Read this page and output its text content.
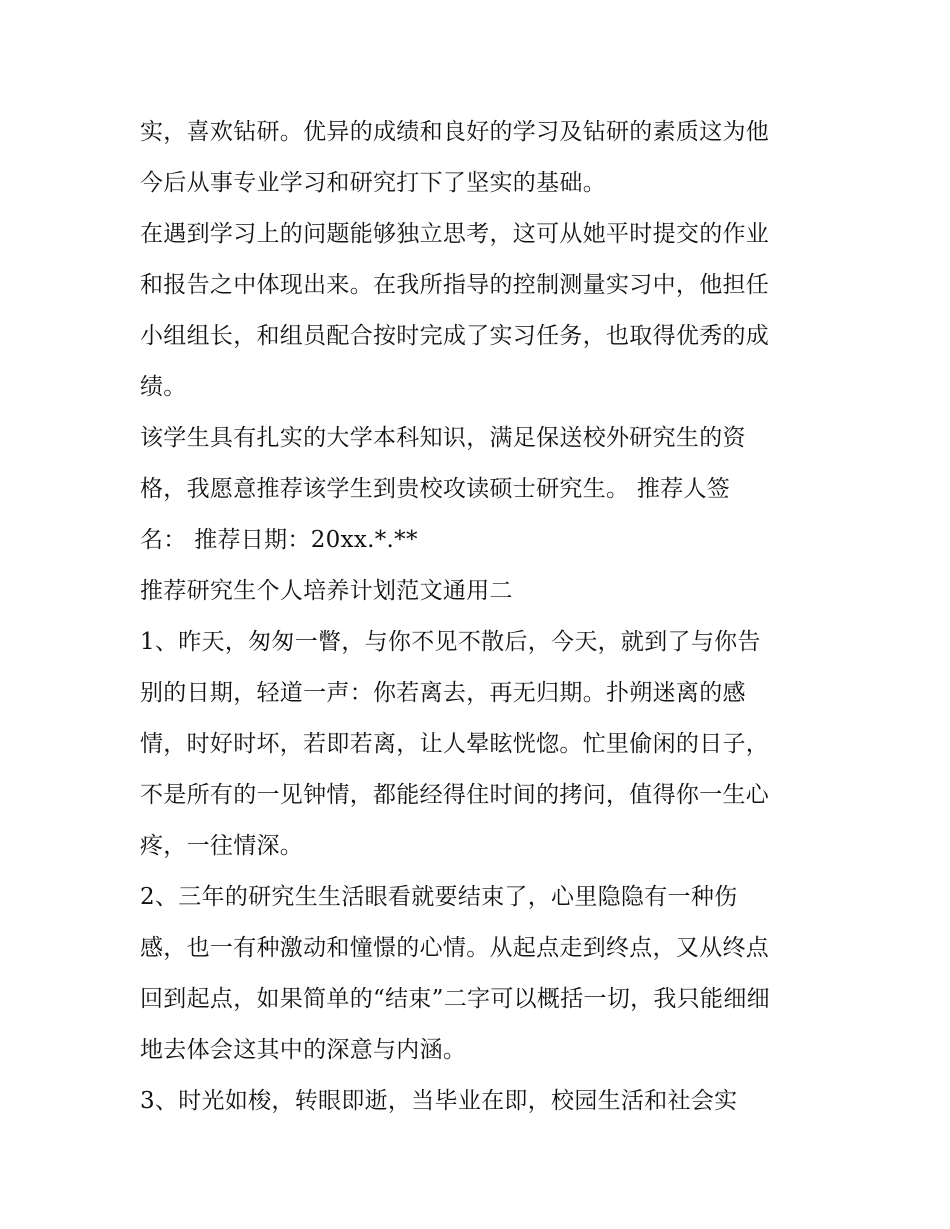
实，喜欢钻研。优异的成绩和良好的学习及钻研的素质这为他
今后从事专业学习和研究打下了坚实的基础。
在遇到学习上的问题能够独立思考，这可从她平时提交的作业
和报告之中体现出来。在我所指导的控制测量实习中，他担任
小组组长，和组员配合按时完成了实习任务，也取得优秀的成
绩。
该学生具有扎实的大学本科知识，满足保送校外研究生的资
格，我愿意推荐该学生到贵校攻读硕士研究生。 推荐人签
名： 推荐日期：20xx.*.**
推荐研究生个人培养计划范文通用二
1、昨天，匆匆一瞥，与你不见不散后，今天，就到了与你告
别的日期，轻道一声：你若离去，再无归期。扑朔迷离的感
情，时好时坏，若即若离，让人晕眩恍惚。忙里偷闲的日子，
不是所有的一见钟情，都能经得住时间的拷问，值得你一生心
疼，一往情深。
2、三年的研究生生活眼看就要结束了，心里隐隐有一种伤
感，也一有种激动和憧憬的心情。从起点走到终点，又从终点
回到起点，如果简单的“结束”二字可以概括一切，我只能细细
地去体会这其中的深意与内涵。
3、时光如梭，转眼即逝，当毕业在即，校园生活和社会实
